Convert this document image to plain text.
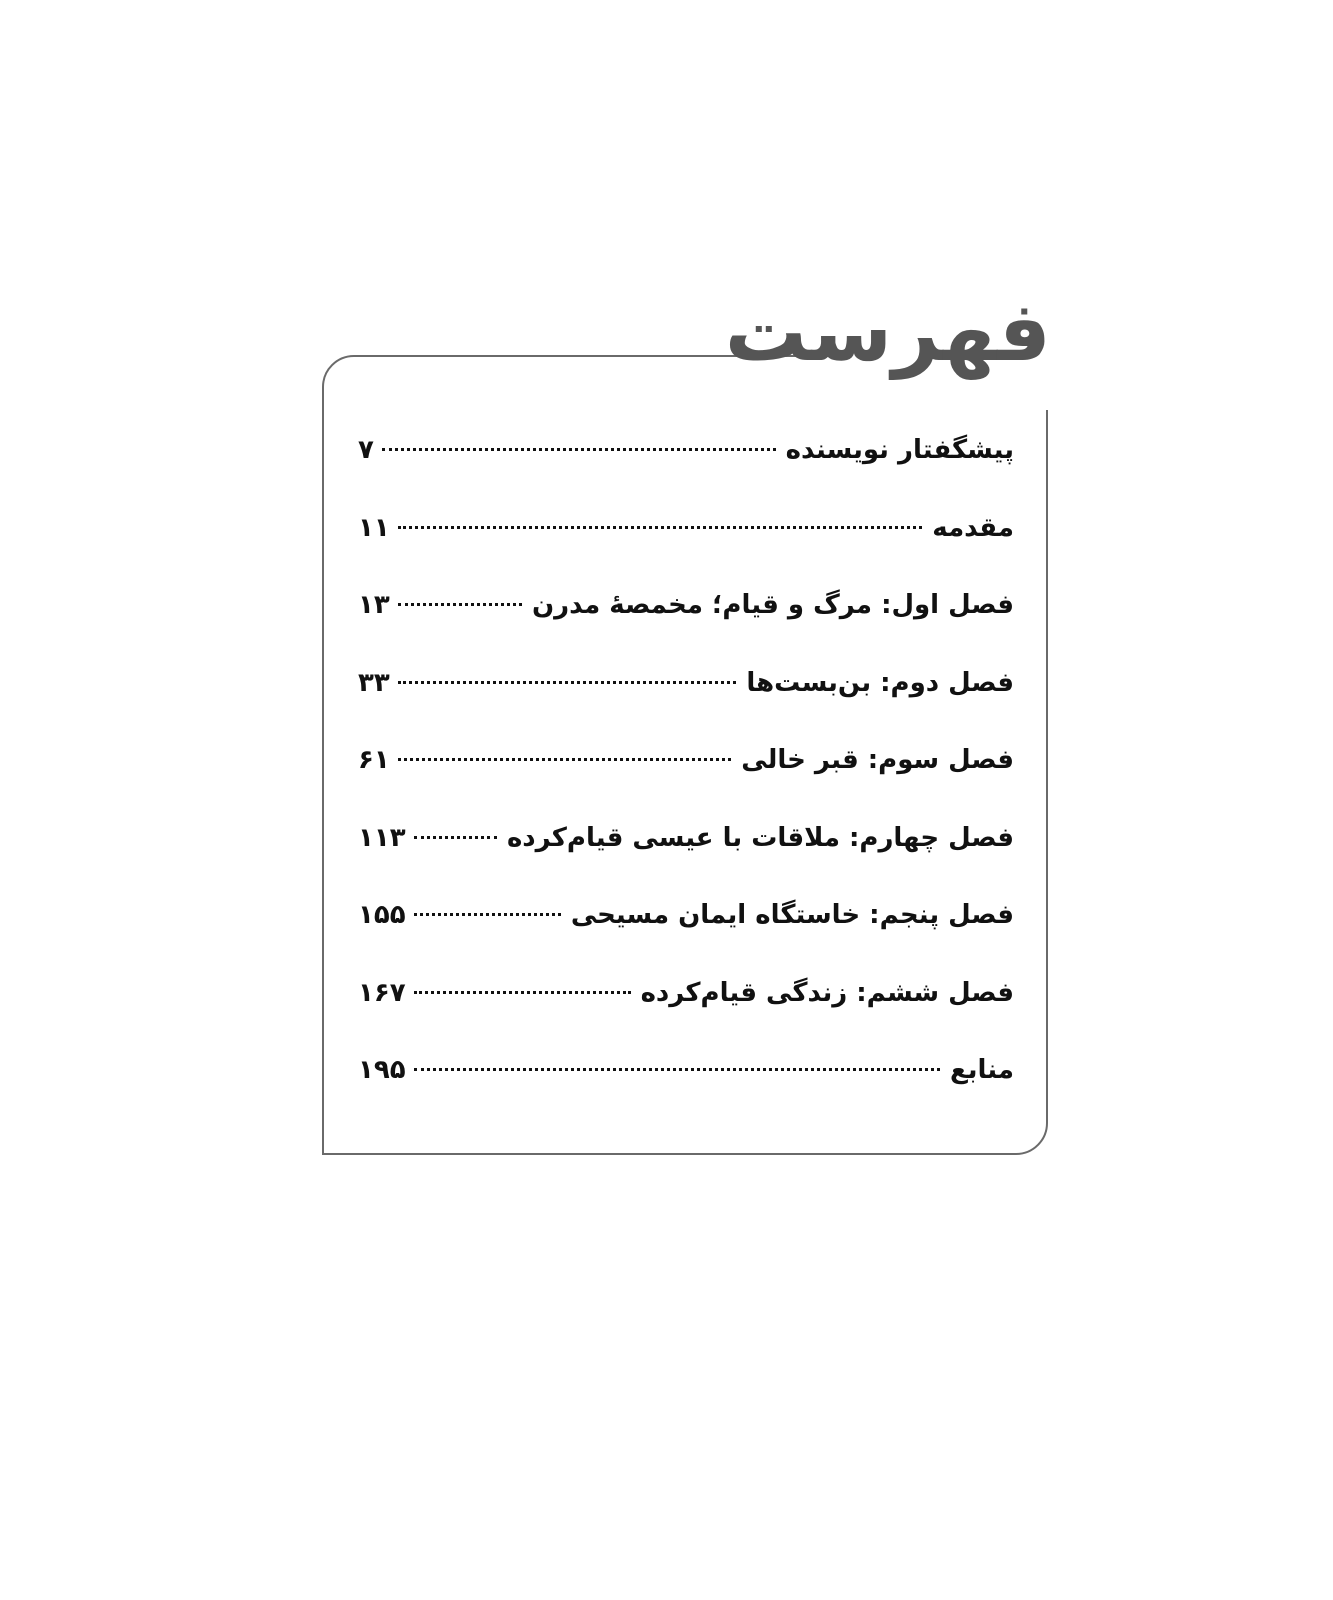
فهرست
پیشگفتار نویسنده
۷
مقدمه
۱۱
فصل اول: مرگ و قیام؛ مخمصۀ مدرن
۱۳
فصل دوم: بن‌بست‌ها
۳۳
فصل سوم: قبر خالی
۶۱
فصل چهارم: ملاقات با عیسی قیام‌کرده
۱۱۳
فصل پنجم: خاستگاه ایمان مسیحی
۱۵۵
فصل ششم: زندگی قیام‌کرده
۱۶۷
منابع
۱۹۵
